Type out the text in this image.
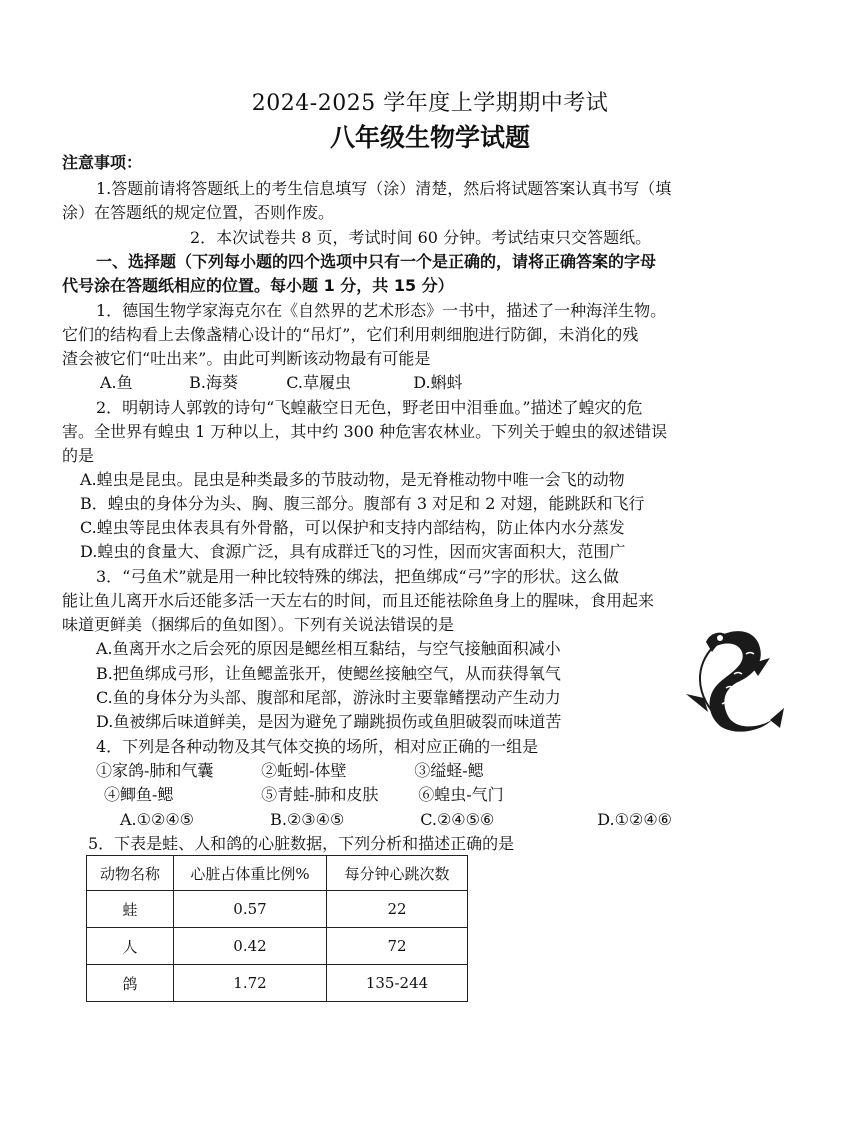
2024-2025 学年度上学期期中考试
八年级生物学试题
注意事项：
1.答题前请将答题纸上的考生信息填写（涂）清楚，然后将试题答案认真书写（填
涂）在答题纸的规定位置，否则作废。
2．本次试卷共 8 页，考试时间 60 分钟。考试结束只交答题纸。
一、选择题（下列每小题的四个选项中只有一个是正确的，请将正确答案的字母
代号涂在答题纸相应的位置。每小题 1 分，共 15 分）
1．德国生物学家海克尔在《自然界的艺术形态》一书中，描述了一种海洋生物。
它们的结构看上去像盏精心设计的“吊灯”，它们利用刺细胞进行防御，未消化的残
渣会被它们“吐出来”。由此可判断该动物最有可能是
A.鱼	B.海葵	C.草履虫	D.蝌蚪
2．明朝诗人郭敦的诗句“飞蝗蔽空日无色，野老田中泪垂血。”描述了蝗灾的危
害。全世界有蝗虫 1 万种以上，其中约 300 种危害农林业。下列关于蝗虫的叙述错误
的是
A.蝗虫是昆虫。昆虫是种类最多的节肢动物，是无脊椎动物中唯一会飞的动物
B．蝗虫的身体分为头、胸、腹三部分。腹部有 3 对足和 2 对翅，能跳跃和飞行
C.蝗虫等昆虫体表具有外骨骼，可以保护和支持内部结构，防止体内水分蒸发
D.蝗虫的食量大、食源广泛，具有成群迁飞的习性，因而灾害面积大，范围广
3．“弓鱼术”就是用一种比较特殊的绑法，把鱼绑成“弓”字的形状。这么做
能让鱼儿离开水后还能多活一天左右的时间，而且还能祛除鱼身上的腥味，食用起来
味道更鲜美（捆绑后的鱼如图）。下列有关说法错误的是
A.鱼离开水之后会死的原因是鳃丝相互黏结，与空气接触面积减小
B.把鱼绑成弓形，让鱼鳃盖张开，使鳃丝接触空气，从而获得氧气
C.鱼的身体分为头部、腹部和尾部，游泳时主要靠鳍摆动产生动力
D.鱼被绑后味道鲜美，是因为避免了蹦跳损伤或鱼胆破裂而味道苦
4．下列是各种动物及其气体交换的场所，相对应正确的一组是
①家鸽-肺和气囊	②蚯蚓-体壁	③缢蛏-鳃
④鲫鱼-鳃	⑤青蛙-肺和皮肤 ⑥蝗虫-气门
A.①②④⑤	B.②③④⑤	C.②④⑤⑥	D.①②④⑥
5．下表是蛙、人和鸽的心脏数据，下列分析和描述正确的是
动物名称	心脏占体重比例%	每分钟心跳次数
蛙	0.57	22
人	0.42	72
鸽	1.72	135-244
